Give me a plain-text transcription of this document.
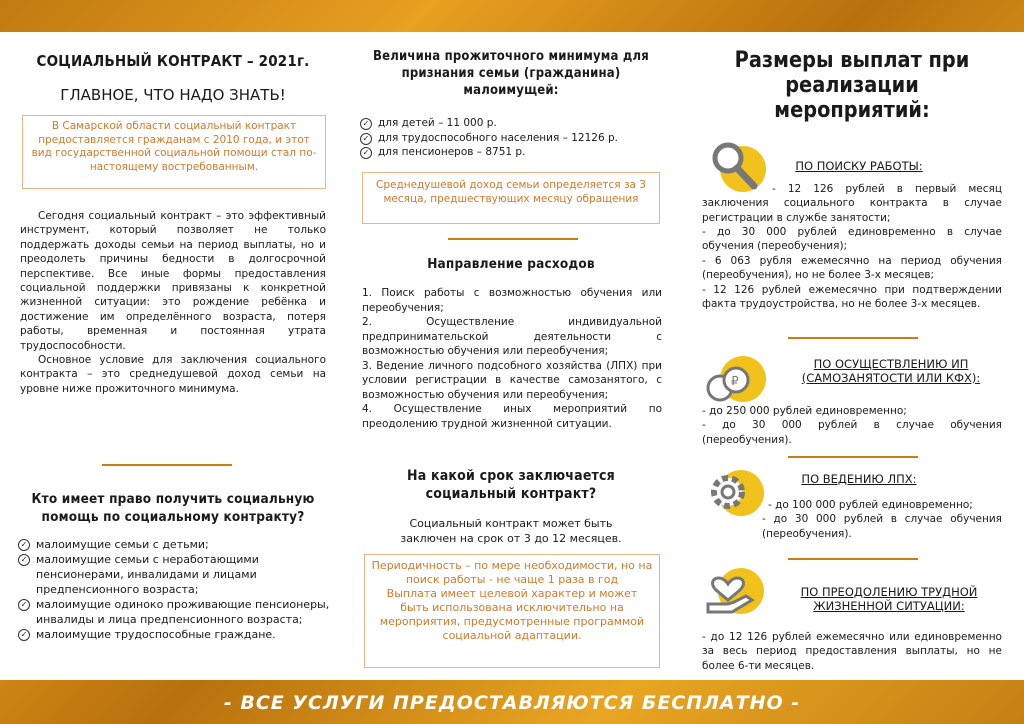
СОЦИАЛЬНЫЙ КОНТРАКТ – 2021г.
ГЛАВНОЕ, ЧТО НАДО ЗНАТЬ!
В Самарской области социальный контракт предоставляется гражданам с 2010 года, и этот вид государственной социальной помощи стал по-настоящему востребованным.

Сегодня социальный контракт – это эффективный инструмент, который позволяет не только поддержать доходы семьи на период выплаты, но и преодолеть причины бедности в долгосрочной перспективе. Все иные формы предоставления социальной поддержки привязаны к конкретной жизненной ситуации: это рождение ребёнка и достижение им определённого возраста, потеря работы, временная и постоянная утрата трудоспособности.

Основное условие для заключения социального контракта – это среднедушевой доход семьи на уровне ниже прожиточного минимума.

Кто имеет право получить социальную помощь по социальному контракту?
✓ малоимущие семьи с детьми;
✓ малоимущие семьи с неработающими пенсионерами, инвалидами и лицами предпенсионного возраста;
✓ малоимущие одиноко проживающие пенсионеры, инвалиды и лица предпенсионного возраста;
✓ малоимущие трудоспособные граждане.
Величина прожиточного минимума для признания семьи (гражданина) малоимущей:
✓ для детей – 11 000 р.
✓ для трудоспособного населения – 12126 р.
✓ для пенсионеров – 8751 р.
Среднедушевой доход семьи определяется за 3 месяца, предшествующих месяцу обращения
Направление расходов
1. Поиск работы с возможностью обучения или переобучения;
2. Осуществление индивидуальной предпринимательской деятельности с возможностью обучения или переобучения;
3. Ведение личного подсобного хозяйства (ЛПХ) при условии регистрации в качестве самозанятого, с возможностью обучения или переобучения;
4. Осуществление иных мероприятий по преодолению трудной жизненной ситуации.
На какой срок заключается социальный контракт?
Социальный контракт может быть заключен на срок от 3 до 12 месяцев.
Периодичность – по мере необходимости, но на поиск работы - не чаще 1 раза в год
Выплата имеет целевой характер и может быть использована исключительно на мероприятия, предусмотренные программой социальной адаптации.
Размеры выплат при реализации мероприятий:
ПО ПОИСКУ РАБОТЫ:
- 12 126 рублей в первый месяц заключения социального контракта в случае регистрации в службе занятости;
- до 30 000 рублей единовременно в случае обучения (переобучения);
- 6 063 рубля ежемесячно на период обучения (переобучения), но не более 3-х месяцев;
- 12 126 рублей ежемесячно при подтверждении факта трудоустройства, но не более 3-х месяцев.
₽
ПО ОСУЩЕСТВЛЕНИЮ ИП (САМОЗАНЯТОСТИ ИЛИ КФХ):
- до 250 000 рублей единовременно;
- до 30 000 рублей в случае обучения (переобучения).
ПО ВЕДЕНИЮ ЛПХ:
- до 100 000 рублей единовременно;
- до 30 000 рублей в случае обучения (переобучения).
ПО ПРЕОДОЛЕНИЮ ТРУДНОЙ ЖИЗНЕННОЙ СИТУАЦИИ:
- до 12 126 рублей ежемесячно или единовременно за весь период предоставления выплаты, но не более 6-ти месяцев.
- ВСЕ УСЛУГИ ПРЕДОСТАВЛЯЮТСЯ БЕСПЛАТНО -
